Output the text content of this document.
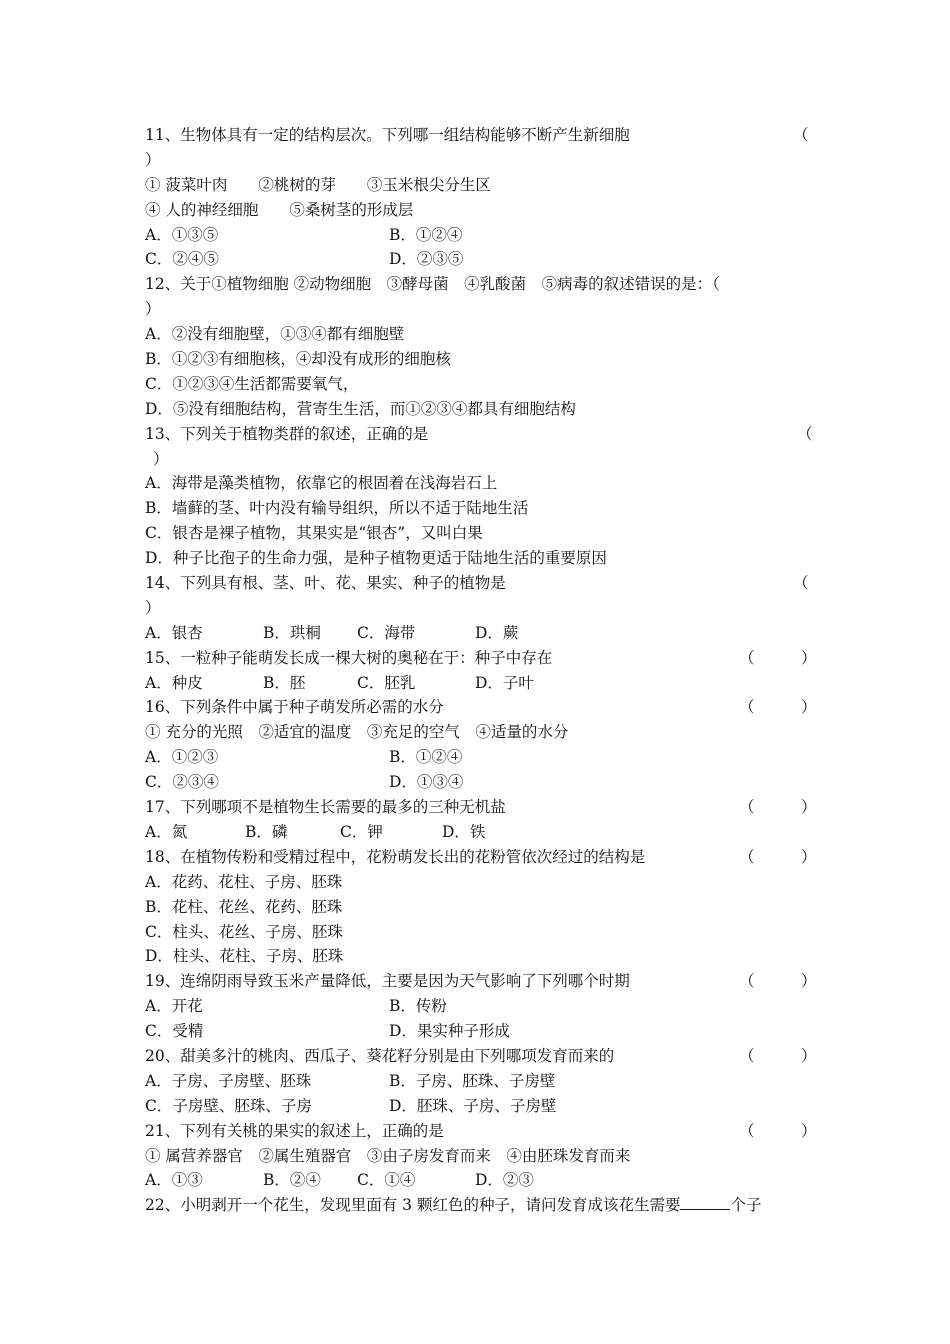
11、生物体具有一定的结构层次。下列哪一组结构能够不断产生新细胞	（
）
① 菠菜叶肉　　②桃树的芽　　③玉米根尖分生区
④ 人的神经细胞　　⑤桑树茎的形成层
A．①③⑤	B．①②④
C．②④⑤	D．②③⑤
12、关于①植物细胞 ②动物细胞　③酵母菌　④乳酸菌　⑤病毒的叙述错误的是：（
）
A．②没有细胞壁，①③④都有细胞壁
B．①②③有细胞核，④却没有成形的细胞核
C．①②③④生活都需要氧气，
D．⑤没有细胞结构，营寄生生活，而①②③④都具有细胞结构
13、下列关于植物类群的叙述，正确的是	（
）
A．海带是藻类植物，依靠它的根固着在浅海岩石上
B．墙藓的茎、叶内没有输导组织，所以不适于陆地生活
C．银杏是裸子植物，其果实是“银杏”，又叫白果
D．种子比孢子的生命力强，是种子植物更适于陆地生活的重要原因
14、下列具有根、茎、叶、花、果实、种子的植物是	（
）
A．银杏	B．珙桐 C．海带	D．蕨
15、一粒种子能萌发长成一棵大树的奥秘在于：种子中存在	（　　　）
A．种皮	B．胚	C．胚乳	D．子叶
16、下列条件中属于种子萌发所必需的水分	（　　　）
① 充分的光照　②适宜的温度　③充足的空气　④适量的水分
A．①②③	B．①②④
C．②③④	D．①③④
17、下列哪项不是植物生长需要的最多的三种无机盐	（　　　）
A．氮	B．磷	C．钾	D．铁
18、在植物传粉和受精过程中，花粉萌发长出的花粉管依次经过的结构是	（　　　）
A．花药、花柱、子房、胚珠
B．花柱、花丝、花药、胚珠
C．柱头、花丝、子房、胚珠
D．柱头、花柱、子房、胚珠
19、连绵阴雨导致玉米产量降低，主要是因为天气影响了下列哪个时期	（　　　）
A．开花	B．传粉
C．受精	D．果实种子形成
20、甜美多汁的桃肉、西瓜子、葵花籽分别是由下列哪项发育而来的	（　　　）
A．子房、子房壁、胚珠	B．子房、胚珠、子房壁
C．子房壁、胚珠、子房	D．胚珠、子房、子房壁
21、下列有关桃的果实的叙述上，正确的是	（　　　）
① 属营养器官　②属生殖器官　③由子房发育而来　④由胚珠发育而来
A．①③	B．②④ C．①④	D．②③
22、小明剥开一个花生，发现里面有 3 颗红色的种子，请问发育成该花生需要	个子
